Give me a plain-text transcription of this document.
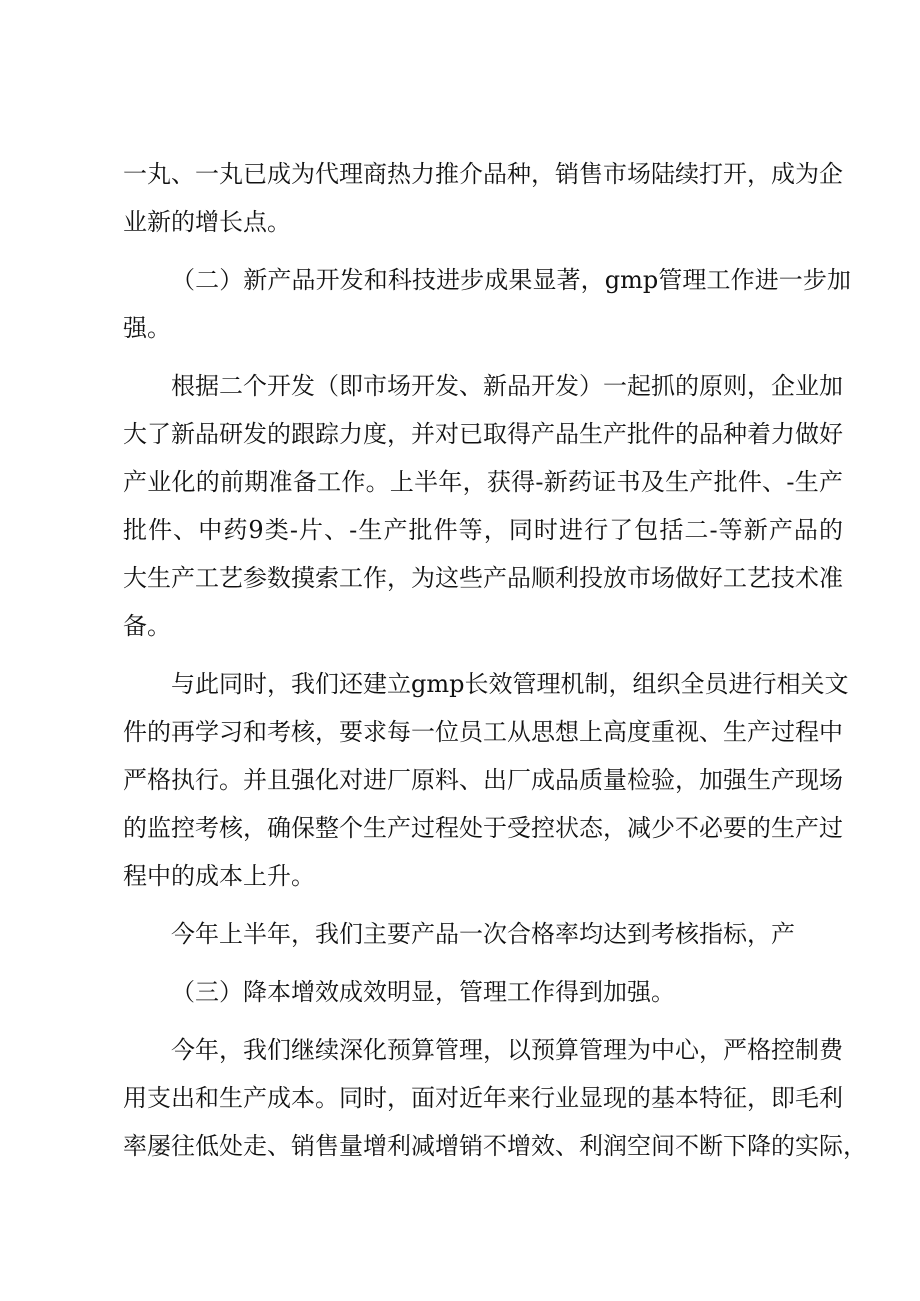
一丸、一丸已成为代理商热力推介品种，销售市场陆续打开，成为企
业新的增长点。
（二）新产品开发和科技进步成果显著，gmp管理工作进一步加
强。
根据二个开发（即市场开发、新品开发）一起抓的原则，企业加
大了新品研发的跟踪力度，并对已取得产品生产批件的品种着力做好
产业化的前期准备工作。上半年，获得-新药证书及生产批件、-生产
批件、中药9类-片、-生产批件等，同时进行了包括二-等新产品的
大生产工艺参数摸索工作，为这些产品顺利投放市场做好工艺技术准
备。
与此同时，我们还建立gmp长效管理机制，组织全员进行相关文
件的再学习和考核，要求每一位员工从思想上高度重视、生产过程中
严格执行。并且强化对进厂原料、出厂成品质量检验，加强生产现场
的监控考核，确保整个生产过程处于受控状态，减少不必要的生产过
程中的成本上升。
今年上半年，我们主要产品一次合格率均达到考核指标，产
（三）降本增效成效明显，管理工作得到加强。
今年，我们继续深化预算管理，以预算管理为中心，严格控制费
用支出和生产成本。同时，面对近年来行业显现的基本特征，即毛利
率屡往低处走、销售量增利减增销不增效、利润空间不断下降的实际，
